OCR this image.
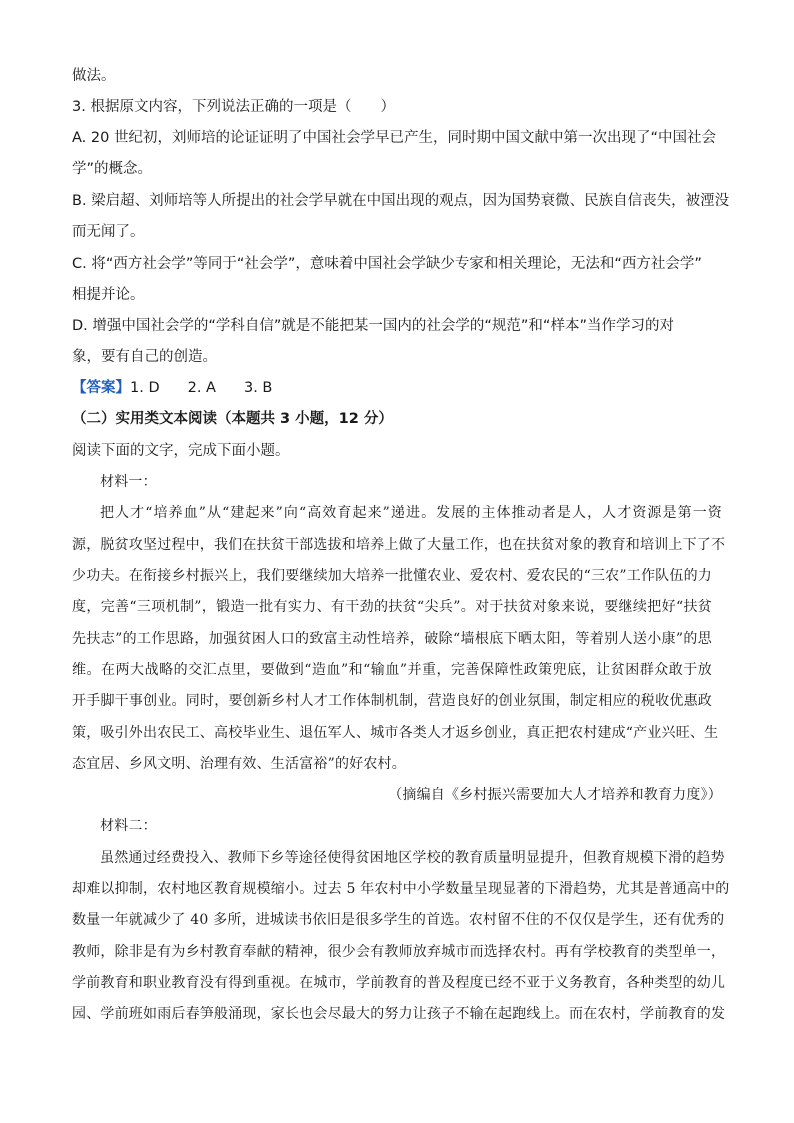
做法。
3. 根据原文内容，下列说法正确的一项是（　　）
A. 20 世纪初，刘师培的论证证明了中国社会学早已产生，同时期中国文献中第一次出现了“中国社会
学”的概念。
B. 梁启超、刘师培等人所提出的社会学早就在中国出现的观点，因为国势衰微、民族自信丧失，被湮没
而无闻了。
C. 将“西方社会学”等同于“社会学”，意味着中国社会学缺少专家和相关理论，无法和“西方社会学”
相提并论。
D. 增强中国社会学的“学科自信”就是不能把某一国内的社会学的“规范”和“样本”当作学习的对
象，要有自己的创造。
【答案】1. D 2. A 3. B
（二）实用类文本阅读（本题共 3 小题，12 分）
阅读下面的文字，完成下面小题。
材料一：
把人才“培养血”从“建起来”向“高效育起来”递进。发展的主体推动者是人，人才资源是第一资
源，脱贫攻坚过程中，我们在扶贫干部选拔和培养上做了大量工作，也在扶贫对象的教育和培训上下了不
少功夫。在衔接乡村振兴上，我们要继续加大培养一批懂农业、爱农村、爱农民的“三农”工作队伍的力
度，完善“三项机制”，锻造一批有实力、有干劲的扶贫“尖兵”。对于扶贫对象来说，要继续把好“扶贫
先扶志”的工作思路，加强贫困人口的致富主动性培养，破除“墙根底下晒太阳，等着别人送小康”的思
维。在两大战略的交汇点里，要做到“造血”和“输血”并重，完善保障性政策兜底，让贫困群众敢于放
开手脚干事创业。同时，要创新乡村人才工作体制机制，营造良好的创业氛围，制定相应的税收优惠政
策，吸引外出农民工、高校毕业生、退伍军人、城市各类人才返乡创业，真正把农村建成“产业兴旺、生
态宜居、乡风文明、治理有效、生活富裕”的好农村。
（摘编自《乡村振兴需要加大人才培养和教育力度》）
材料二：
虽然通过经费投入、教师下乡等途径使得贫困地区学校的教育质量明显提升，但教育规模下滑的趋势
却难以抑制，农村地区教育规模缩小。过去 5 年农村中小学数量呈现显著的下滑趋势，尤其是普通高中的
数量一年就减少了 40 多所，进城读书依旧是很多学生的首选。农村留不住的不仅仅是学生，还有优秀的
教师，除非是有为乡村教育奉献的精神，很少会有教师放弃城市而选择农村。再有学校教育的类型单一，
学前教育和职业教育没有得到重视。在城市，学前教育的普及程度已经不亚于义务教育，各种类型的幼儿
园、学前班如雨后春笋般涌现，家长也会尽最大的努力让孩子不输在起跑线上。而在农村，学前教育的发
